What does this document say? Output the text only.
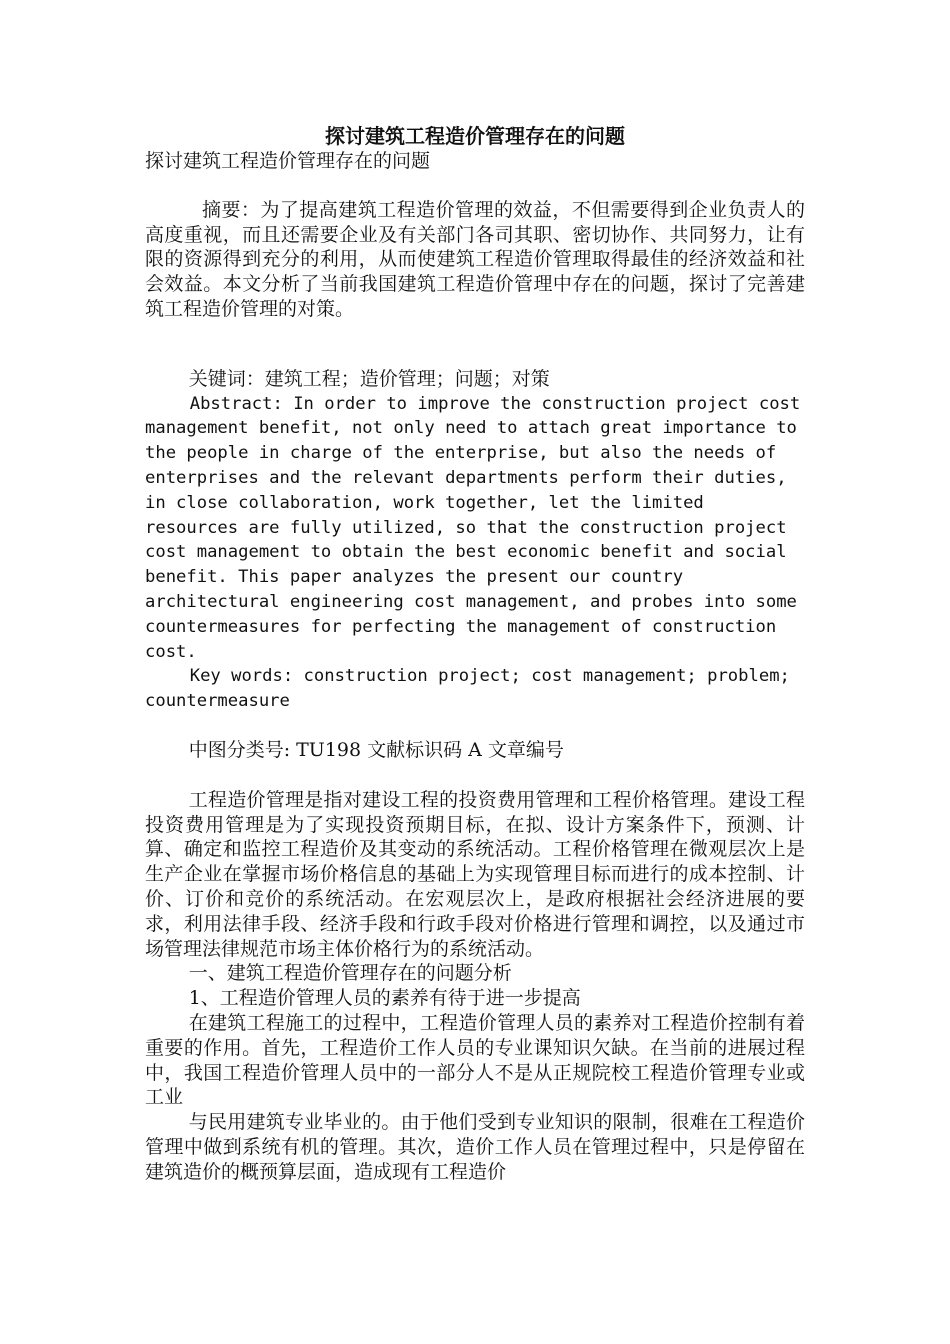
探讨建筑工程造价管理存在的问题

探讨建筑工程造价管理存在的问题

摘要：为了提高建筑工程造价管理的效益，不但需要得到企业负责人的高度重视，而且还需要企业及有关部门各司其职、密切协作、共同努力，让有限的资源得到充分的利用，从而使建筑工程造价管理取得最佳的经济效益和社会效益。本文分析了当前我国建筑工程造价管理中存在的问题，探讨了完善建筑工程造价管理的对策。

关键词：建筑工程；造价管理；问题；对策

Abstract: In order to improve the construction project cost management benefit, not only need to attach great importance to the people in charge of the enterprise, but also the needs of enterprises and the relevant departments perform their duties, in close collaboration, work together, let the limited resources are fully utilized, so that the construction project cost management to obtain the best economic benefit and social benefit. This paper analyzes the present our country architectural engineering cost management, and probes into some countermeasures for perfecting the management of construction cost.

Key words: construction project; cost management; problem; countermeasure

中图分类号: TU198 文献标识码 A 文章编号

工程造价管理是指对建设工程的投资费用管理和工程价格管理。建设工程投资费用管理是为了实现投资预期目标，在拟、设计方案条件下，预测、计算、确定和监控工程造价及其变动的系统活动。工程价格管理在微观层次上是生产企业在掌握市场价格信息的基础上为实现管理目标而进行的成本控制、计价、订价和竞价的系统活动。在宏观层次上，是政府根据社会经济进展的要求，利用法律手段、经济手段和行政手段对价格进行管理和调控，以及通过市场管理法律规范市场主体价格行为的系统活动。

一、建筑工程造价管理存在的问题分析

1、工程造价管理人员的素养有待于进一步提高

在建筑工程施工的过程中，工程造价管理人员的素养对工程造价控制有着重要的作用。首先，工程造价工作人员的专业课知识欠缺。在当前的进展过程中，我国工程造价管理人员中的一部分人不是从正规院校工程造价管理专业或工业

与民用建筑专业毕业的。由于他们受到专业知识的限制，很难在工程造价管理中做到系统有机的管理。其次，造价工作人员在管理过程中，只是停留在建筑造价的概预算层面，造成现有工程造价
